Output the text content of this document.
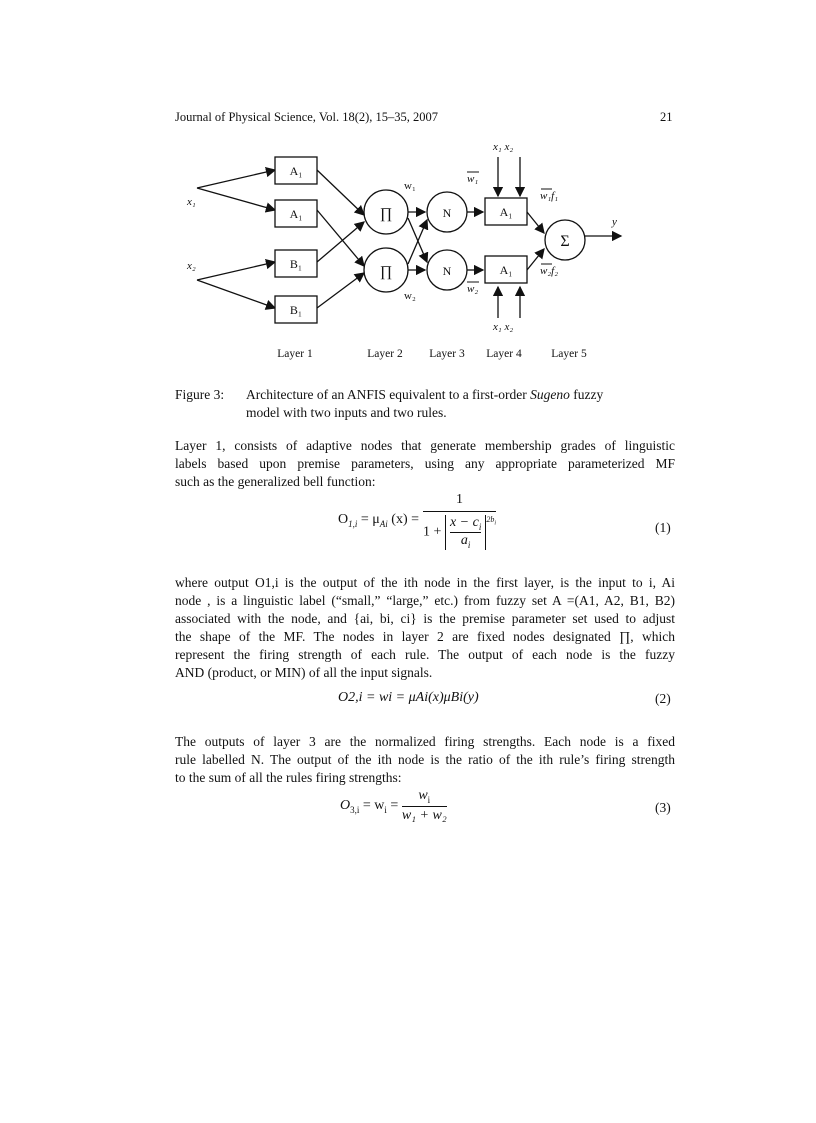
Journal of Physical Science, Vol. 18(2), 15–35, 2007	21
A₁
A₁
B₁
B₁
∏
∏
N
N
A₁
A₁
Σ
x₁
x₂
x₁ x₂
x₁ x₂
y
w₁f₁
w₂f₂
w₁
w₂
w₁
w₂
Layer 1	Layer 2 Layer 3 Layer 4	Layer 5
Figure 3: Architecture of an ANFIS equivalent to a first-order Sugeno fuzzy
model with two inputs and two rules.
Layer 1, consists of adaptive nodes that generate membership grades of linguistic
labels based upon premise parameters, using any appropriate parameterized MF
such as the generalized bell function:
$O_{1,i} = \mu_{Ai}$ (x) =	
1
$1 + \frac{x - c_i}{a_i} ^{2b_i}$	(1)
where output O1,i is the output of the ith node in the first layer, is the input to i, Ai
node , is a linguistic label (“small,” “large,” etc.) from fuzzy set A =(A1, A2, B1, B2)
associated with the node, and {ai, bi, ci} is the premise parameter set used to adjust
the shape of the MF. The nodes in layer 2 are fixed nodes designated ∏, which
represent the firing strength of each rule. The output of each node is the fuzzy
AND (product, or MIN) of all the input signals.
O2,i = wi = μAi(x)μBi(y)	(2)
The outputs of layer 3 are the normalized firing strengths. Each node is a fixed
rule labelled N. The output of the ith node is the ratio of the ith rule’s firing strength
to the sum of all the rules firing strengths:
$O_{3,i} = w_i = \frac{w_i}{\text{w₁ + w₂}}$	(3)
